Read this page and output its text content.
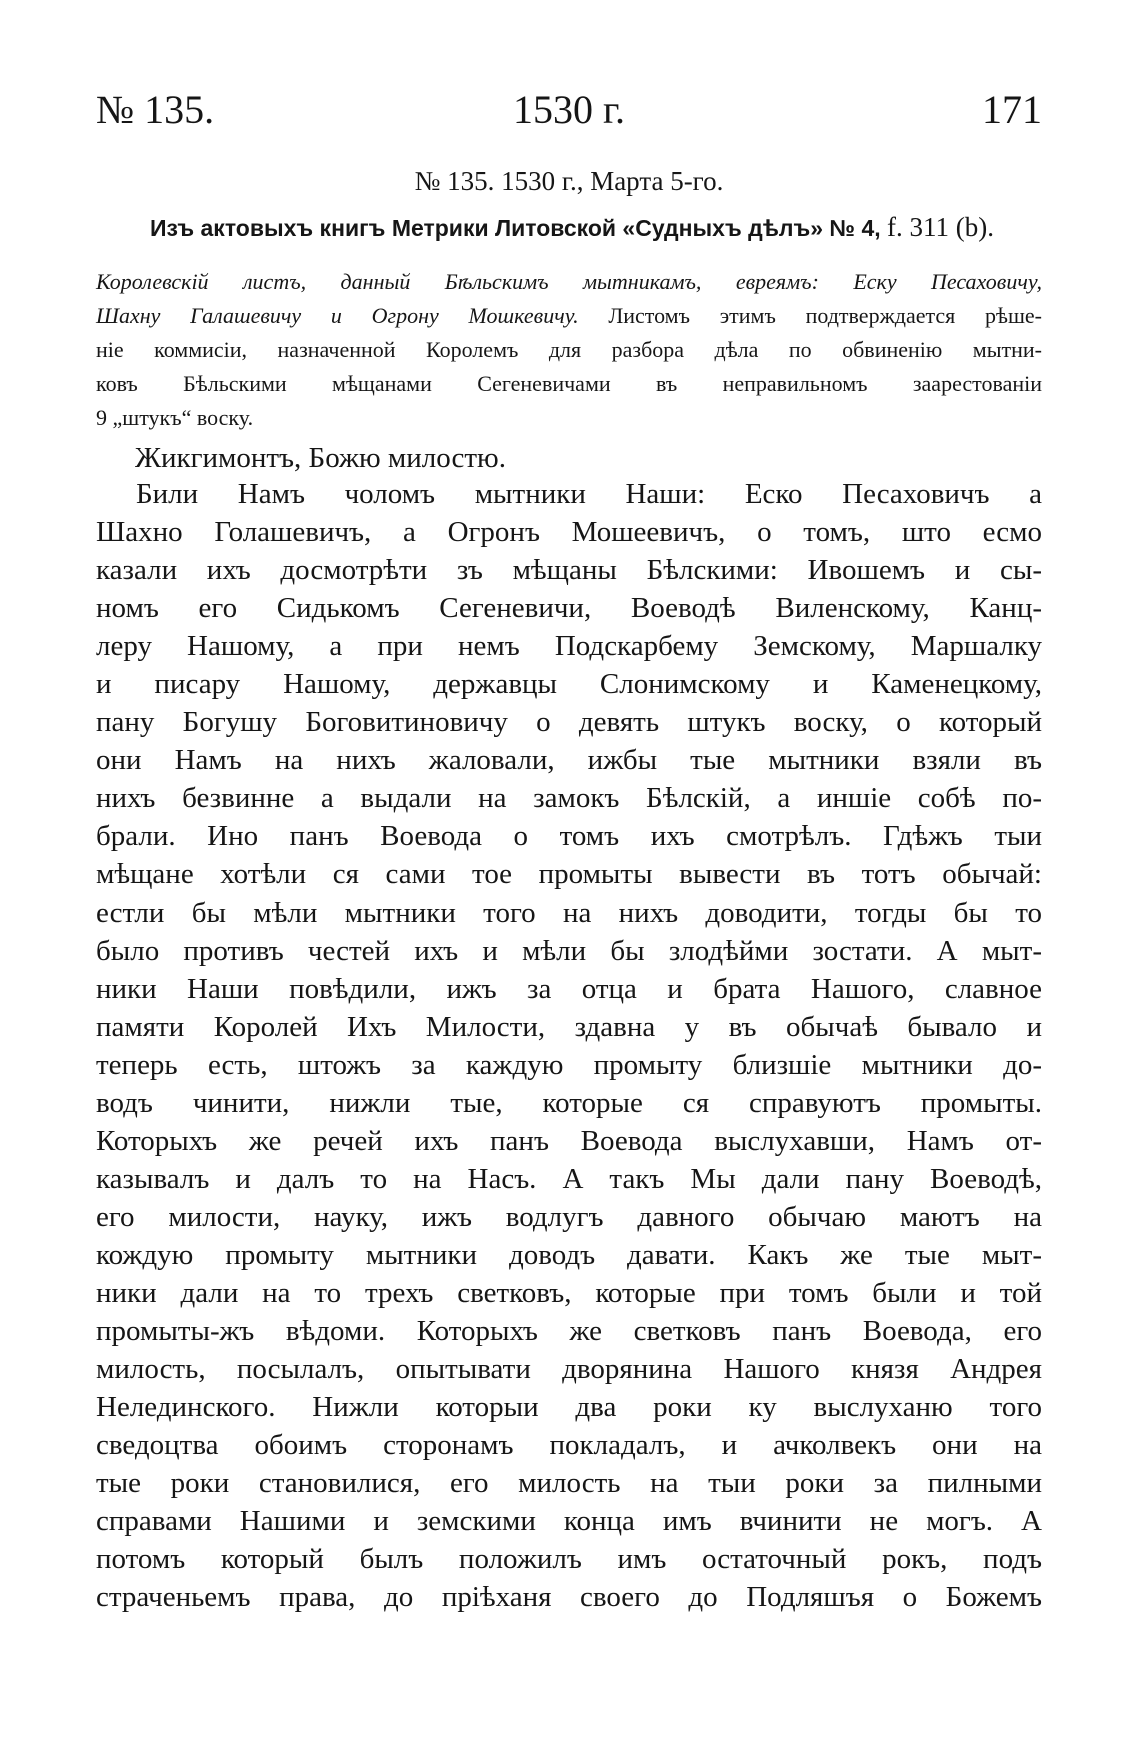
№ 135.	1530 г.	171
№ 135. 1530 г., Марта 5-го.
Изъ актовыхъ книгъ Метрики Литовской «Судныхъ дѣлъ» № 4, f. 311 (b).
Королевскій листъ, данный Бѣльскимъ мытникамъ, евреямъ: Еску Песаховичу,
Шахну Галашевичу и Огрону Мошкевичу. Листомъ этимъ подтверждается рѣше-
ніе коммисіи, назначенной Королемъ для разбора дѣла по обвиненію мытни-
ковъ Бѣльскими мѣщанами Сегеневичами въ неправильномъ заарестованіи
9 „штукъ“ воску.
Жикгимонтъ, Божю милостю.
Били Намъ чоломъ мытники Наши: Еско Песаховичъ а
Шахно Голашевичъ, а Огронъ Мошеевичъ, о томъ, што есмо
казали ихъ досмотрѣти зъ мѣщаны Бѣлскими: Ивошемъ и сы-
номъ его Сидькомъ Сегеневичи, Воеводѣ Виленскому, Канц-
леру Нашому, а при немъ Подскарбему Земскому, Маршалку
и писару Нашому, державцы Слонимскому и Каменецкому,
пану Богушу Боговитиновичу о девять штукъ воску, о который
они Намъ на нихъ жаловали, ижбы тые мытники взяли въ
нихъ безвинне а выдали на замокъ Бѣлскій, а иншіе собѣ по-
брали. Ино панъ Воевода о томъ ихъ смотрѣлъ. Гдѣжъ тыи
мѣщане хотѣли ся сами тое промыты вывести въ тотъ обычай:
естли бы мѣли мытники того на нихъ доводити, тогды бы то
было противъ честей ихъ и мѣли бы злодѣйми зостати. А мыт-
ники Наши повѣдили, ижъ за отца и брата Нашого, славное
памяти Королей Ихъ Милости, здавна у въ обычаѣ бывало и
теперь есть, штожъ за каждую промыту близшіе мытники до-
водъ чинити, нижли тые, которые ся справуютъ промыты.
Которыхъ же речей ихъ панъ Воевода выслухавши, Намъ от-
казывалъ и далъ то на Насъ. А такъ Мы дали пану Воеводѣ,
его милости, науку, ижъ водлугъ давного обычаю маютъ на
кождую промыту мытники доводъ давати. Какъ же тые мыт-
ники дали на то трехъ светковъ, которые при томъ были и той
промыты-жъ вѣдоми. Которыхъ же светковъ панъ Воевода, его
милость, посылалъ, опытывати дворянина Нашого князя Андрея
Нелединского. Нижли которыи два роки ку выслуханю того
сведоцтва обоимъ сторонамъ покладалъ, и ачколвекъ они на
тые роки становилися, его милость на тыи роки за пилными
справами Нашими и земскими конца имъ вчинити не могъ. А
потомъ который былъ положилъ имъ остаточный рокъ, подъ
страченьемъ права, до пріѣханя своего до Подляшъя о Божемъ
